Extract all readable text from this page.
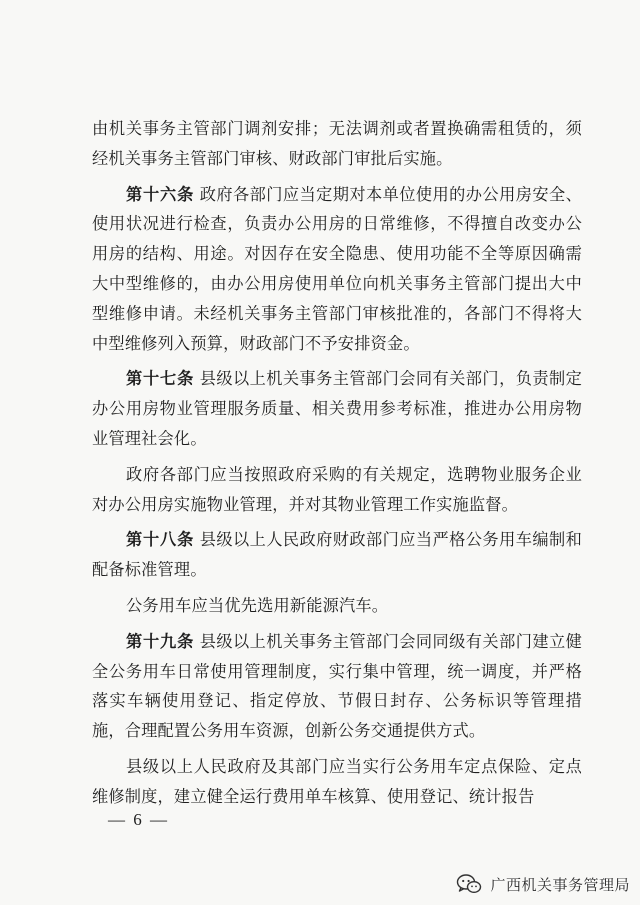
由机关事务主管部门调剂安排；无法调剂或者置换确需租赁的，须经机关事务主管部门审核、财政部门审批后实施。

第十六条 政府各部门应当定期对本单位使用的办公用房安全、使用状况进行检查，负责办公用房的日常维修，不得擅自改变办公用房的结构、用途。对因存在安全隐患、使用功能不全等原因确需大中型维修的，由办公用房使用单位向机关事务主管部门提出大中型维修申请。未经机关事务主管部门审核批准的，各部门不得将大中型维修列入预算，财政部门不予安排资金。

第十七条 县级以上机关事务主管部门会同有关部门，负责制定办公用房物业管理服务质量、相关费用参考标准，推进办公用房物业管理社会化。

政府各部门应当按照政府采购的有关规定，选聘物业服务企业对办公用房实施物业管理，并对其物业管理工作实施监督。

第十八条 县级以上人民政府财政部门应当严格公务用车编制和配备标准管理。

公务用车应当优先选用新能源汽车。

第十九条 县级以上机关事务主管部门会同同级有关部门建立健全公务用车日常使用管理制度，实行集中管理，统一调度，并严格落实车辆使用登记、指定停放、节假日封存、公务标识等管理措施，合理配置公务用车资源，创新公务交通提供方式。

县级以上人民政府及其部门应当实行公务用车定点保险、定点维修制度，建立健全运行费用单车核算、使用登记、统计报告

— 6 —
广西机关事务管理局
